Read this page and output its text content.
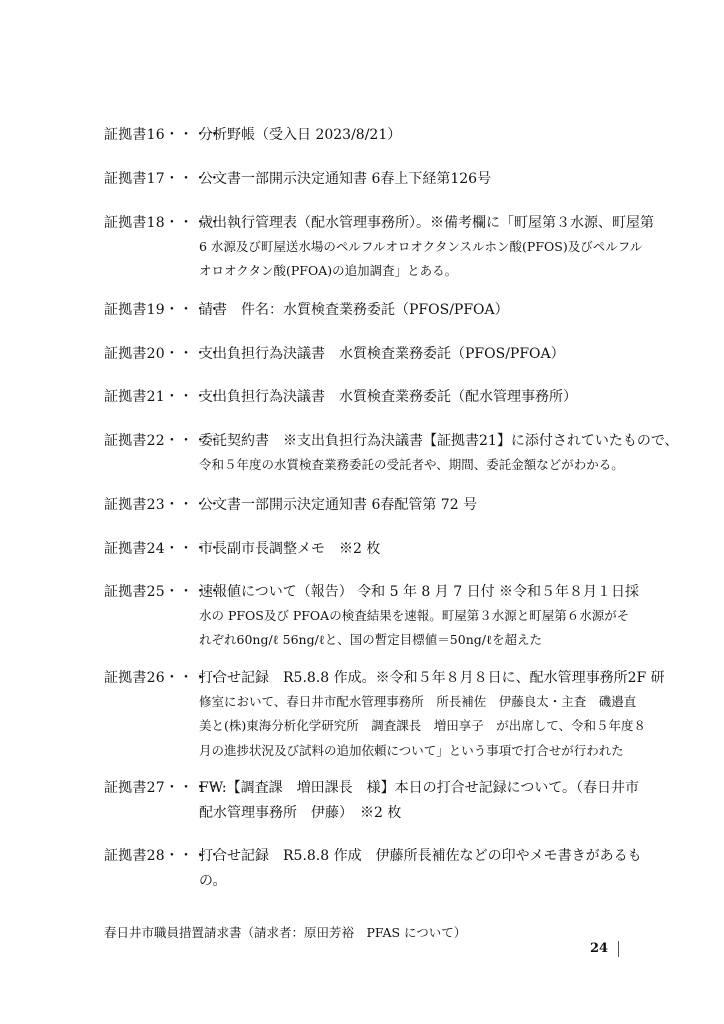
証拠書16・・・・
分析野帳（受入日 2023/8/21）
証拠書17・・・・
公文書一部開示決定通知書 6春上下経第126号
証拠書18・・・・
歳出執行管理表（配水管理事務所）。※備考欄に「町屋第３水源、町屋第
6 水源及び町屋送水場のペルフルオロオクタンスルホン酸(PFOS)及びペルフル
オロオクタン酸(PFOA)の追加調査」とある。
証拠書19・・・・
請書　件名：水質検査業務委託（PFOS/PFOA）
証拠書20・・・・
支出負担行為決議書　水質検査業務委託（PFOS/PFOA）
証拠書21・・・・
支出負担行為決議書　水質検査業務委託（配水管理事務所）
証拠書22・・・・
委託契約書　※支出負担行為決議書【証拠書21】に添付されていたもので、
令和５年度の水質検査業務委託の受託者や、期間、委託金額などがわかる。
証拠書23・・・・
公文書一部開示決定通知書 6春配管第 72 号
証拠書24・・・・
市長副市長調整メモ　※2 枚
証拠書25・・・・
速報値について（報告） 令和 5 年 8 月 7 日付 ※令和５年８月１日採
水の PFOS及び PFOAの検査結果を速報。町屋第３水源と町屋第６水源がそ
れぞれ60ng/ℓ 56ng/ℓと、国の暫定目標値＝50ng/ℓを超えた
証拠書26・・・・
打合せ記録　R5.8.8 作成。※令和５年８月８日に、配水管理事務所2F 研
修室において、春日井市配水管理事務所　所長補佐　伊藤良太・主査　磯邉直
美と(株)東海分析化学研究所　調査課長　増田享子　が出席して、令和５年度８
月の進捗状況及び試料の追加依頼について」という事項で打合せが行われた
証拠書27・・・・
FW:【調査課　増田課長　様】本日の打合せ記録について。（春日井市
配水管理事務所　伊藤）　※2 枚
証拠書28・・・・
打合せ記録　R5.8.8 作成　伊藤所長補佐などの印やメモ書きがあるも
の。
春日井市職員措置請求書（請求者：原田芳裕　PFAS について）
24
